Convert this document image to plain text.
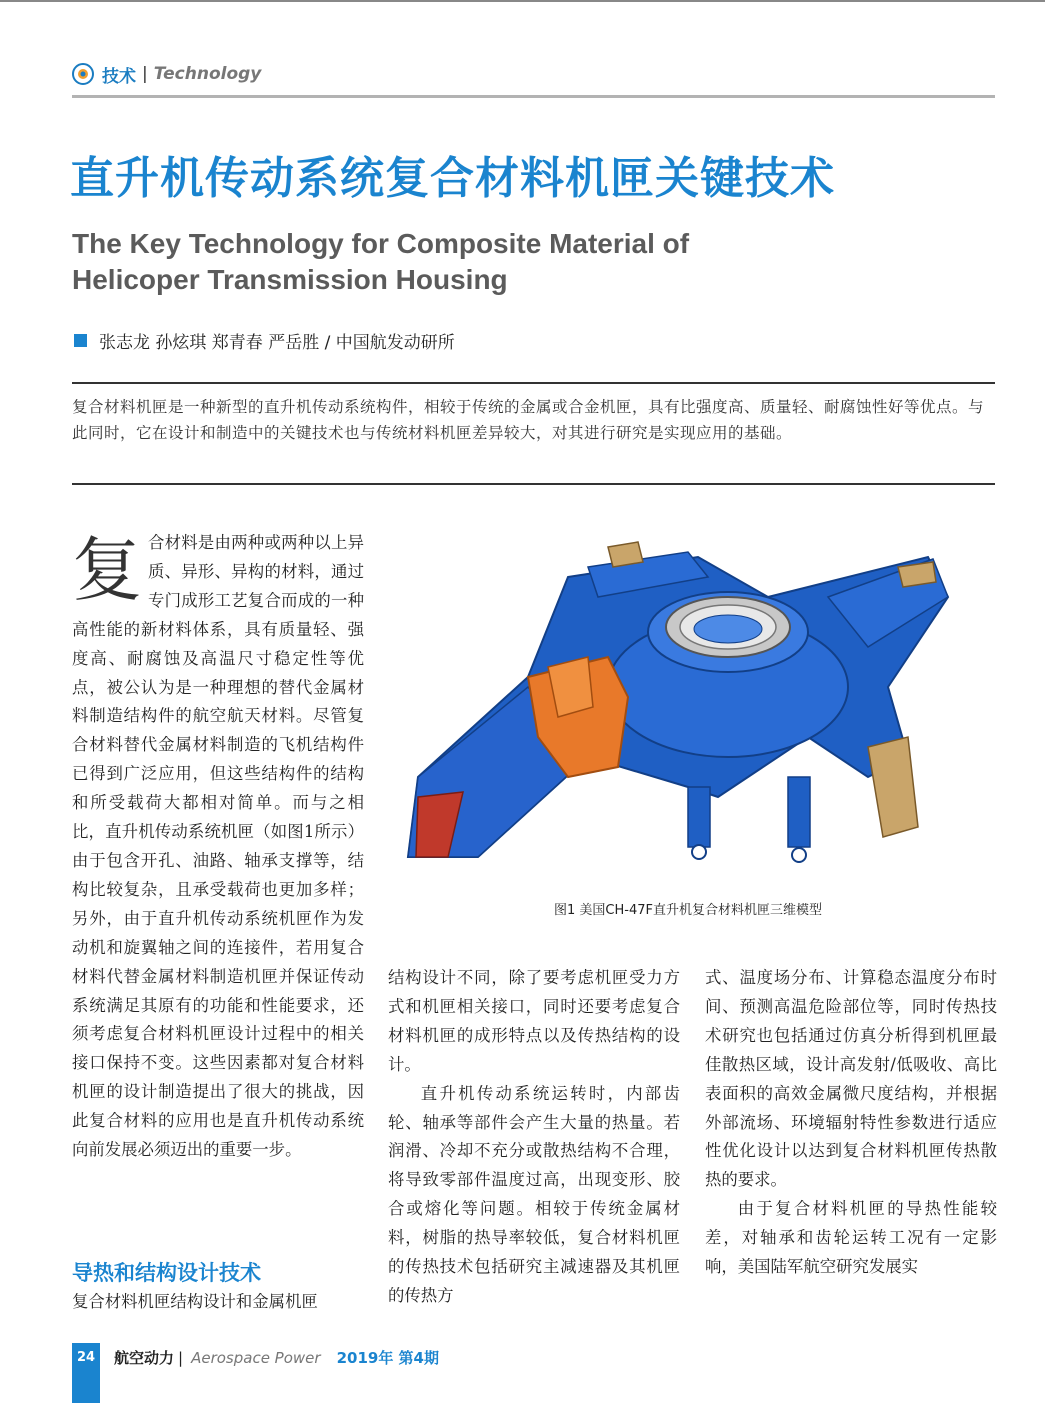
技术 | Technology
直升机传动系统复合材料机匣关键技术
The Key Technology for Composite Material of
Helicoper Transmission Housing
张志龙 孙炫琪 郑青春 严岳胜 / 中国航发动研所
复合材料机匣是一种新型的直升机传动系统构件，相较于传统的金属或合金机匣，具有比强度高、质量轻、耐腐蚀性好等优点。与此同时，它在设计和制造中的关键技术也与传统材料机匣差异较大，对其进行研究是实现应用的基础。
复 合材料是由两种或两种以上异质、异形、异构的材料，通过专门成形工艺复合而成的一种高性能的新材料体系，具有质量轻、强度高、耐腐蚀及高温尺寸稳定性等优点，被公认为是一种理想的替代金属材料制造结构件的航空航天材料。尽管复合材料替代金属材料制造的飞机结构件已得到广泛应用，但这些结构件的结构和所受载荷大都相对简单。而与之相比，直升机传动系统机匣（如图1所示）由于包含开孔、油路、轴承支撑等，结构比较复杂，且承受载荷也更加多样；另外，由于直升机传动系统机匣作为发动机和旋翼轴之间的连接件，若用复合材料代替金属材料制造机匣并保证传动系统满足其原有的功能和性能要求，还须考虑复合材料机匣设计过程中的相关接口保持不变。这些因素都对复合材料机匣的设计制造提出了很大的挑战，因此复合材料的应用也是直升机传动系统向前发展必须迈出的重要一步。

导热和结构设计技术

复合材料机匣结构设计和金属机匣

图1 美国CH-47F直升机复合材料机匣三维模型

结构设计不同，除了要考虑机匣受力方式和机匣相关接口，同时还要考虑复合材料机匣的成形特点以及传热结构的设计。

直升机传动系统运转时，内部齿轮、轴承等部件会产生大量的热量。若润滑、冷却不充分或散热结构不合理，将导致零部件温度过高，出现变形、胶合或熔化等问题。相较于传统金属材料，树脂的热导率较低，复合材料机匣的传热技术包括研究主减速器及其机匣的传热方

式、温度场分布、计算稳态温度分布时间、预测高温危险部位等，同时传热技术研究也包括通过仿真分析得到机匣最佳散热区域，设计高发射/低吸收、高比表面积的高效金属微尺度结构，并根据外部流场、环境辐射特性参数进行适应性优化设计以达到复合材料机匣传热散热的要求。

由于复合材料机匣的导热性能较差，对轴承和齿轮运转工况有一定影响，美国陆军航空研究发展实

24	航空动力 | Aerospace Power 2019年 第4期
